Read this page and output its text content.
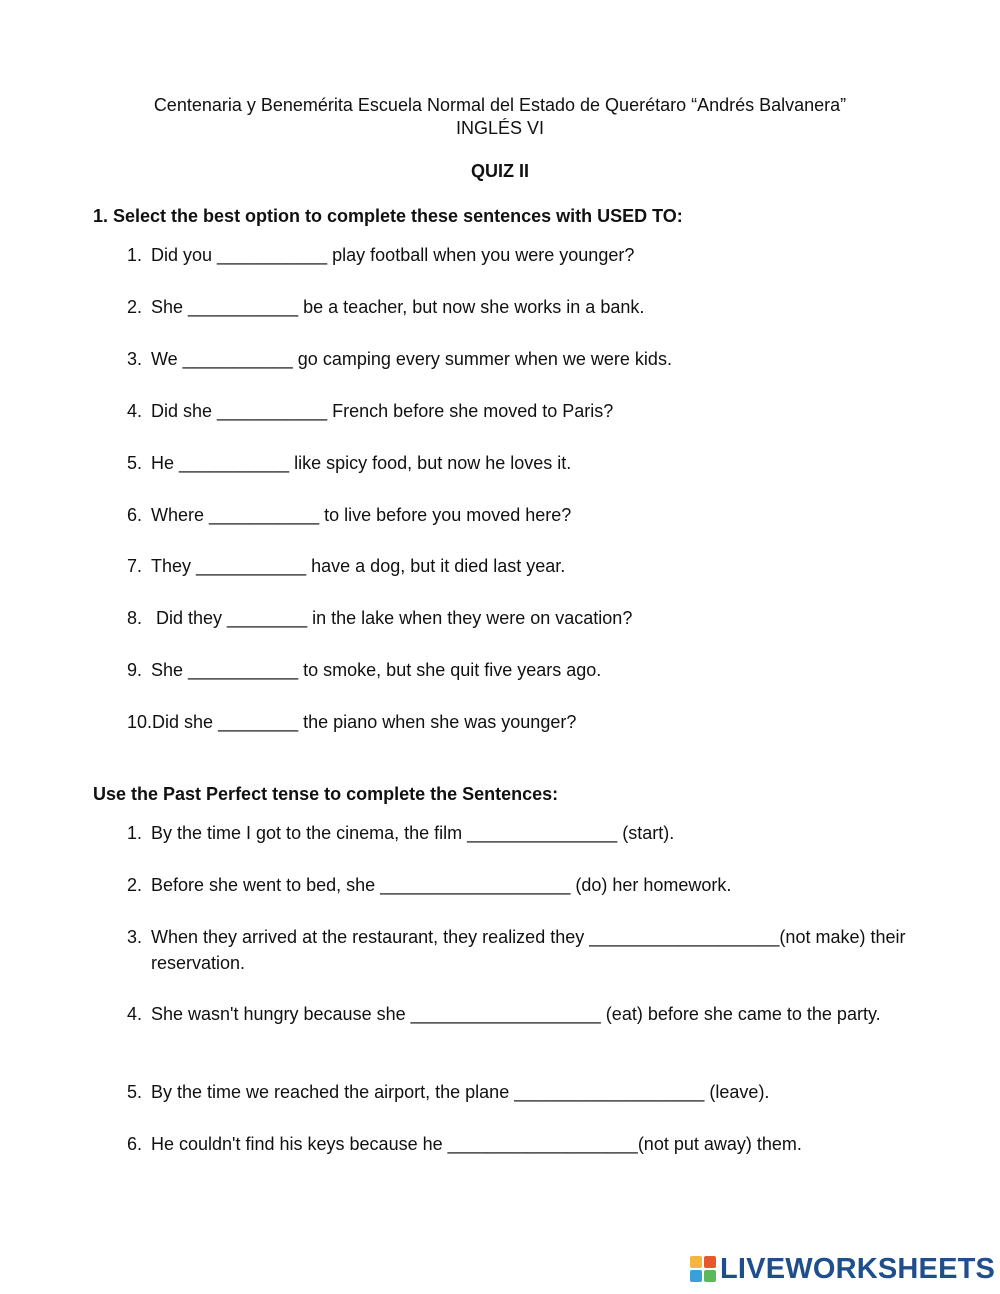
Centenaria y Benemérita Escuela Normal del Estado de Querétaro “Andrés Balvanera”
INGLÉS VI
QUIZ II
1. Select the best option to complete these sentences with USED TO:
1. Did you ___________ play football when you were younger?
2. She ___________ be a teacher, but now she works in a bank.
3. We ___________ go camping every summer when we were kids.
4. Did she ___________ French before she moved to Paris?
5. He ___________ like spicy food, but now he loves it.
6. Where ___________ to live before you moved here?
7. They ___________ have a dog, but it died last year.
8. Did they ________ in the lake when they were on vacation?
9. She ___________ to smoke, but she quit five years ago.
10.Did she ________ the piano when she was younger?
Use the Past Perfect tense to complete the Sentences:
1. By the time I got to the cinema, the film _______________ (start).
2. Before she went to bed, she ___________________ (do) her homework.
3. When they arrived at the restaurant, they realized they ___________________(not make) their reservation.
4. She wasn't hungry because she ___________________ (eat) before she came to the party.
5. By the time we reached the airport, the plane ___________________ (leave).
6. He couldn't find his keys because he ___________________(not put away) them.
LIVEWORKSHEETS
